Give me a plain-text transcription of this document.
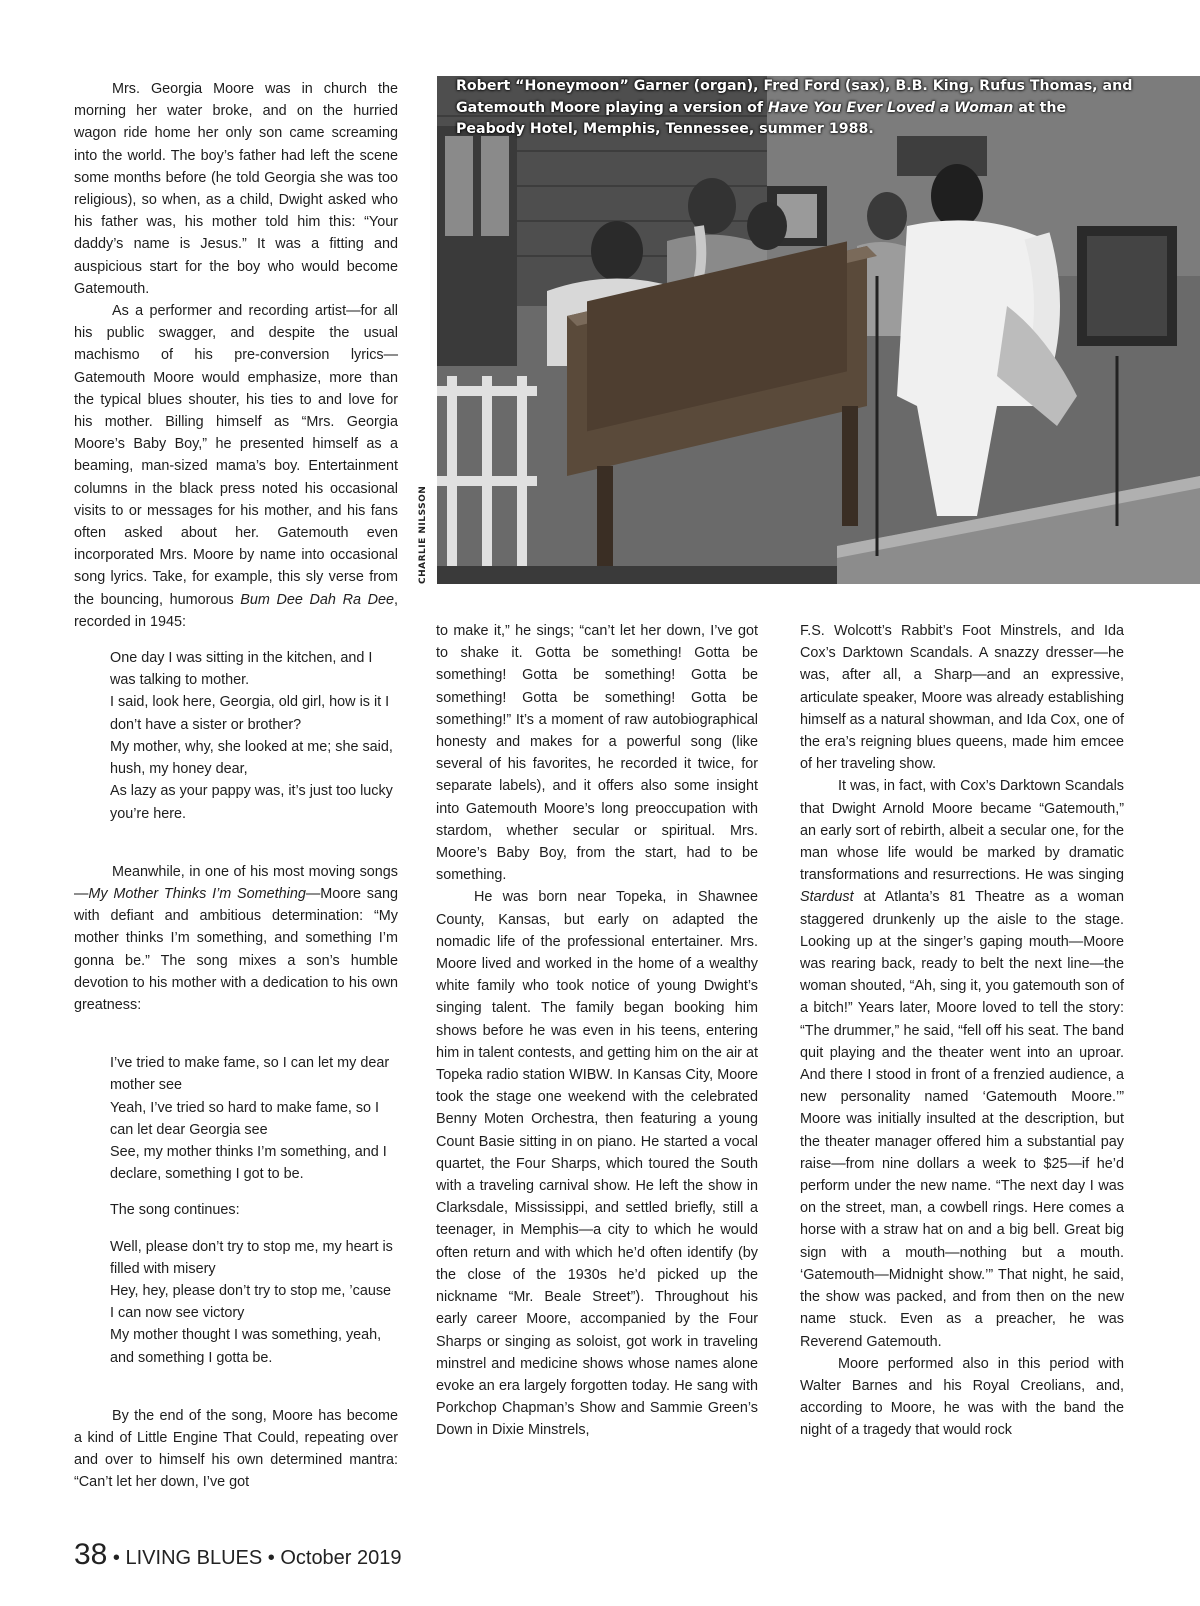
Robert “Honeymoon” Garner (organ), Fred Ford (sax), B.B. King, Rufus Thomas, and Gatemouth Moore playing a version of Have You Ever Loved a Woman at the Peabody Hotel, Memphis, Tennessee, summer 1988.
CHARLIE NILSSON

Mrs. Georgia Moore was in church the morning her water broke, and on the hurried wagon ride home her only son came screaming into the world. The boy’s father had left the scene some months before (he told Georgia she was too religious), so when, as a child, Dwight asked who his father was, his mother told him this: “Your daddy’s name is Jesus.” It was a fitting and auspicious start for the boy who would become Gatemouth.

As a performer and recording artist—for all his public swagger, and despite the usual machismo of his pre-conversion lyrics—Gatemouth Moore would emphasize, more than the typical blues shouter, his ties to and love for his mother. Billing himself as “Mrs. Georgia Moore’s Baby Boy,” he presented himself as a beaming, man-sized mama’s boy. Entertainment columns in the black press noted his occasional visits to or messages for his mother, and his fans often asked about her. Gatemouth even incorporated Mrs. Moore by name into occasional song lyrics. Take, for example, this sly verse from the bouncing, humorous Bum Dee Dah Ra Dee, recorded in 1945:

One day I was sitting in the kitchen, and I was talking to mother.
I said, look here, Georgia, old girl, how is it I don’t have a sister or brother?
My mother, why, she looked at me; she said, hush, my honey dear,
As lazy as your pappy was, it’s just too lucky you’re here.

Meanwhile, in one of his most moving songs—My Mother Thinks I’m Something—Moore sang with defiant and ambitious determination: “My mother thinks I’m something, and something I’m gonna be.” The song mixes a son’s humble devotion to his mother with a dedication to his own greatness:

I’ve tried to make fame, so I can let my dear mother see
Yeah, I’ve tried so hard to make fame, so I can let dear Georgia see
See, my mother thinks I’m something, and I declare, something I got to be.
The song continues:
Well, please don’t try to stop me, my heart is filled with misery
Hey, hey, please don’t try to stop me, ’cause I can now see victory
My mother thought I was something, yeah, and something I gotta be.

By the end of the song, Moore has become a kind of Little Engine That Could, repeating over and over to himself his own determined mantra: “Can’t let her down, I’ve got

to make it,” he sings; “can’t let her down, I’ve got to shake it. Gotta be something! Gotta be something! Gotta be something! Gotta be something! Gotta be something! Gotta be something!” It’s a moment of raw autobiographical honesty and makes for a powerful song (like several of his favorites, he recorded it twice, for separate labels), and it offers also some insight into Gatemouth Moore’s long preoccupation with stardom, whether secular or spiritual. Mrs. Moore’s Baby Boy, from the start, had to be something.

He was born near Topeka, in Shawnee County, Kansas, but early on adapted the nomadic life of the professional entertainer. Mrs. Moore lived and worked in the home of a wealthy white family who took notice of young Dwight’s singing talent. The family began booking him shows before he was even in his teens, entering him in talent contests, and getting him on the air at Topeka radio station WIBW. In Kansas City, Moore took the stage one weekend with the celebrated Benny Moten Orchestra, then featuring a young Count Basie sitting in on piano. He started a vocal quartet, the Four Sharps, which toured the South with a traveling carnival show. He left the show in Clarksdale, Mississippi, and settled briefly, still a teenager, in Memphis—a city to which he would often return and with which he’d often identify (by the close of the 1930s he’d picked up the nickname “Mr. Beale Street”). Throughout his early career Moore, accompanied by the Four Sharps or singing as soloist, got work in traveling minstrel and medicine shows whose names alone evoke an era largely forgotten today. He sang with Porkchop Chapman’s Show and Sammie Green’s Down in Dixie Minstrels,

F.S. Wolcott’s Rabbit’s Foot Minstrels, and Ida Cox’s Darktown Scandals. A snazzy dresser—he was, after all, a Sharp—and an expressive, articulate speaker, Moore was already establishing himself as a natural showman, and Ida Cox, one of the era’s reigning blues queens, made him emcee of her traveling show.

It was, in fact, with Cox’s Darktown Scandals that Dwight Arnold Moore became “Gatemouth,” an early sort of rebirth, albeit a secular one, for the man whose life would be marked by dramatic transformations and resurrections. He was singing Stardust at Atlanta’s 81 Theatre as a woman staggered drunkenly up the aisle to the stage. Looking up at the singer’s gaping mouth—Moore was rearing back, ready to belt the next line—the woman shouted, “Ah, sing it, you gatemouth son of a bitch!” Years later, Moore loved to tell the story: “The drummer,” he said, “fell off his seat. The band quit playing and the theater went into an uproar. And there I stood in front of a frenzied audience, a new personality named ‘Gatemouth Moore.’” Moore was initially insulted at the description, but the theater manager offered him a substantial pay raise—from nine dollars a week to $25—if he’d perform under the new name. “The next day I was on the street, man, a cowbell rings. Here comes a horse with a straw hat on and a big bell. Great big sign with a mouth—nothing but a mouth. ‘Gatemouth—Midnight show.’” That night, he said, the show was packed, and from then on the new name stuck. Even as a preacher, he was Reverend Gatemouth.

Moore performed also in this period with Walter Barnes and his Royal Creolians, and, according to Moore, he was with the band the night of a tragedy that would rock

38 • LIVING BLUES • October 2019
